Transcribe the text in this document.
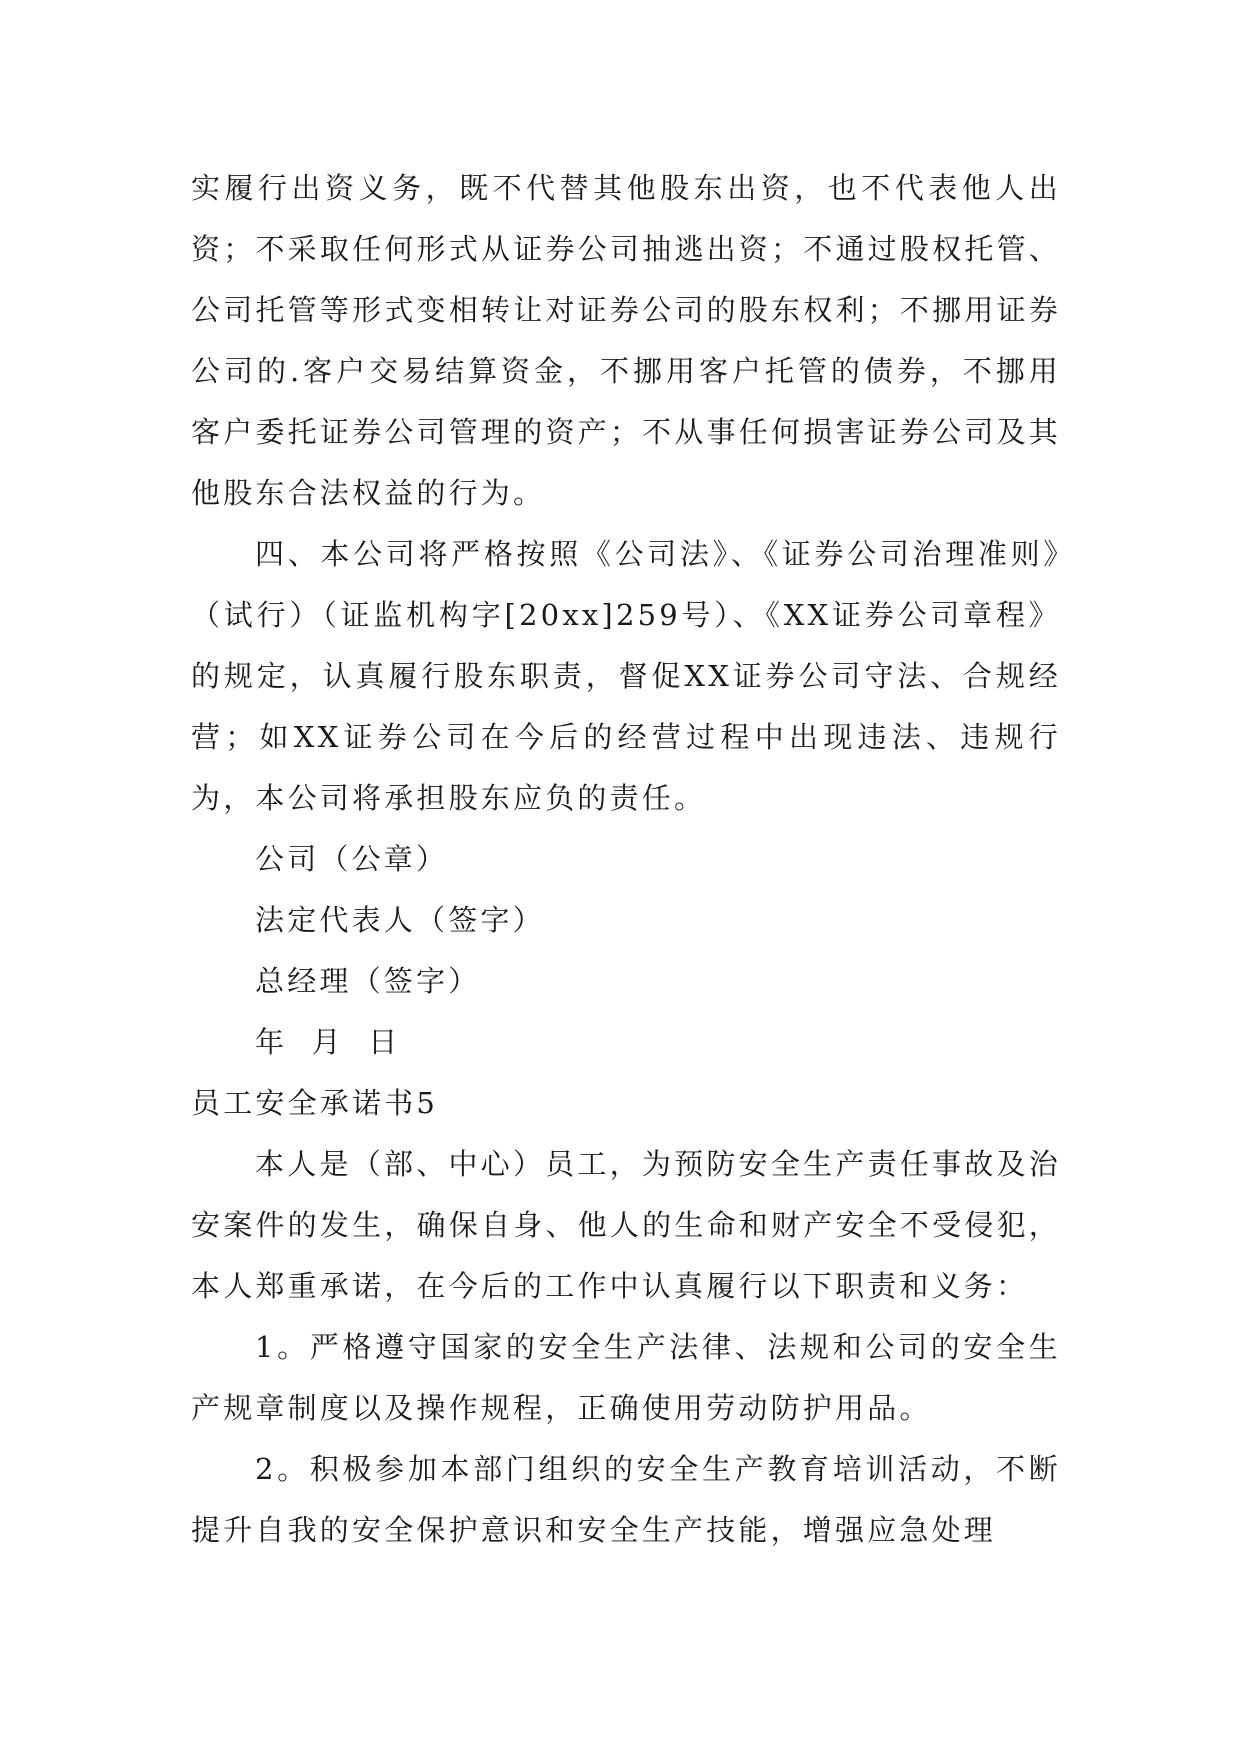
实履行出资义务，既不代替其他股东出资，也不代表他人出资；不采取任何形式从证券公司抽逃出资；不通过股权托管、公司托管等形式变相转让对证券公司的股东权利；不挪用证券公司的.客户交易结算资金，不挪用客户托管的债券，不挪用客户委托证券公司管理的资产；不从事任何损害证券公司及其他股东合法权益的行为。

四、本公司将严格按照《公司法》、《证券公司治理准则》（试行）（证监机构字[20xx]259号）、《XX证券公司章程》的规定，认真履行股东职责，督促XX证券公司守法、合规经营；如XX证券公司在今后的经营过程中出现违法、违规行为，本公司将承担股东应负的责任。

公司（公章）

法定代表人（签字）

总经理（签字）

年 月 日

员工安全承诺书5

本人是（部、中心）员工，为预防安全生产责任事故及治安案件的发生，确保自身、他人的生命和财产安全不受侵犯，本人郑重承诺，在今后的工作中认真履行以下职责和义务：

1。严格遵守国家的安全生产法律、法规和公司的安全生产规章制度以及操作规程，正确使用劳动防护用品。

2。积极参加本部门组织的安全生产教育培训活动，不断提升自我的安全保护意识和安全生产技能，增强应急处理
